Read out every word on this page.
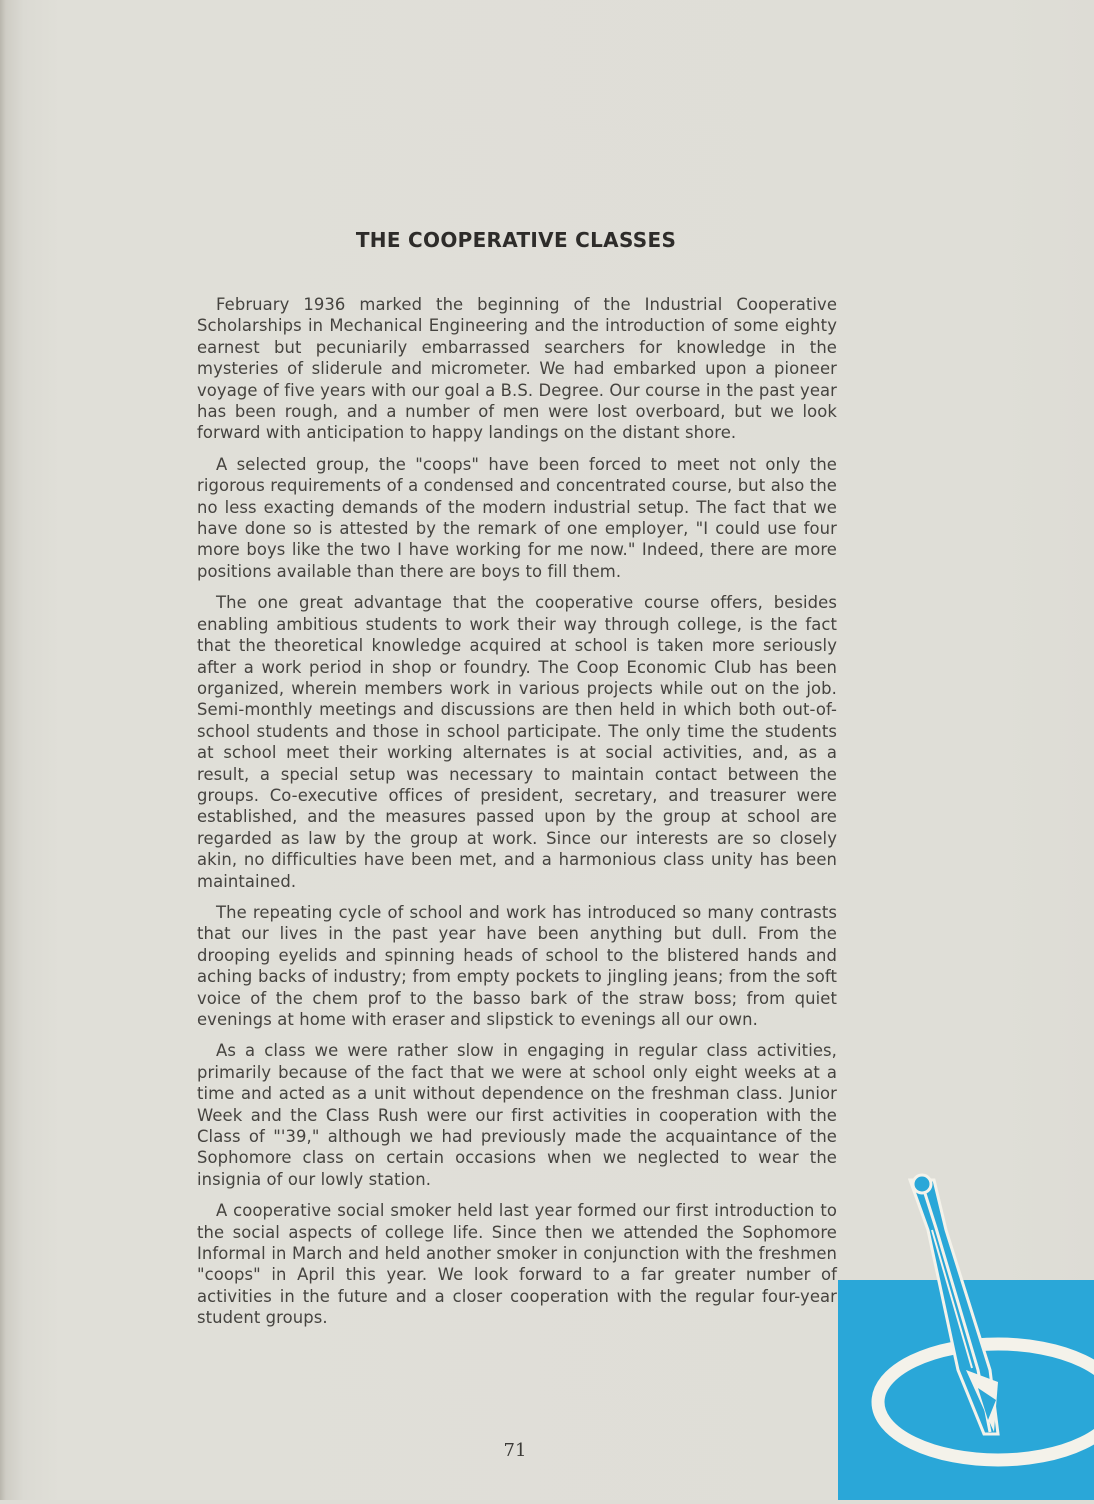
THE COOPERATIVE CLASSES

February 1936 marked the beginning of the Industrial Cooperative Scholarships in Mechanical Engineering and the introduction of some eighty earnest but pecuniarily embarrassed searchers for knowledge in the mysteries of sliderule and micrometer. We had embarked upon a pioneer voyage of five years with our goal a B.S. Degree. Our course in the past year has been rough, and a number of men were lost overboard, but we look forward with anticipation to happy landings on the distant shore.

A selected group, the "coops" have been forced to meet not only the rigorous requirements of a condensed and concentrated course, but also the no less exacting demands of the modern industrial setup. The fact that we have done so is attested by the remark of one employer, "I could use four more boys like the two I have working for me now." Indeed, there are more positions available than there are boys to fill them.

The one great advantage that the cooperative course offers, besides enabling ambitious students to work their way through college, is the fact that the theoretical knowledge acquired at school is taken more seriously after a work period in shop or foundry. The Coop Economic Club has been organized, wherein members work in various projects while out on the job. Semi-monthly meetings and discussions are then held in which both out-of-school students and those in school participate. The only time the students at school meet their working alternates is at social activities, and, as a result, a special setup was necessary to maintain contact between the groups. Co-executive offices of president, secretary, and treasurer were established, and the measures passed upon by the group at school are regarded as law by the group at work. Since our interests are so closely akin, no difficulties have been met, and a harmonious class unity has been maintained.

The repeating cycle of school and work has introduced so many contrasts that our lives in the past year have been anything but dull. From the drooping eyelids and spinning heads of school to the blistered hands and aching backs of industry; from empty pockets to jingling jeans; from the soft voice of the chem prof to the basso bark of the straw boss; from quiet evenings at home with eraser and slipstick to evenings all our own.

As a class we were rather slow in engaging in regular class activities, primarily because of the fact that we were at school only eight weeks at a time and acted as a unit without dependence on the freshman class. Junior Week and the Class Rush were our first activities in cooperation with the Class of "'39," although we had previously made the acquaintance of the Sophomore class on certain occasions when we neglected to wear the insignia of our lowly station.

A cooperative social smoker held last year formed our first introduction to the social aspects of college life. Since then we attended the Sophomore Informal in March and held another smoker in conjunction with the freshmen "coops" in April this year. We look forward to a far greater number of activities in the future and a closer cooperation with the regular four-year student groups.

71
